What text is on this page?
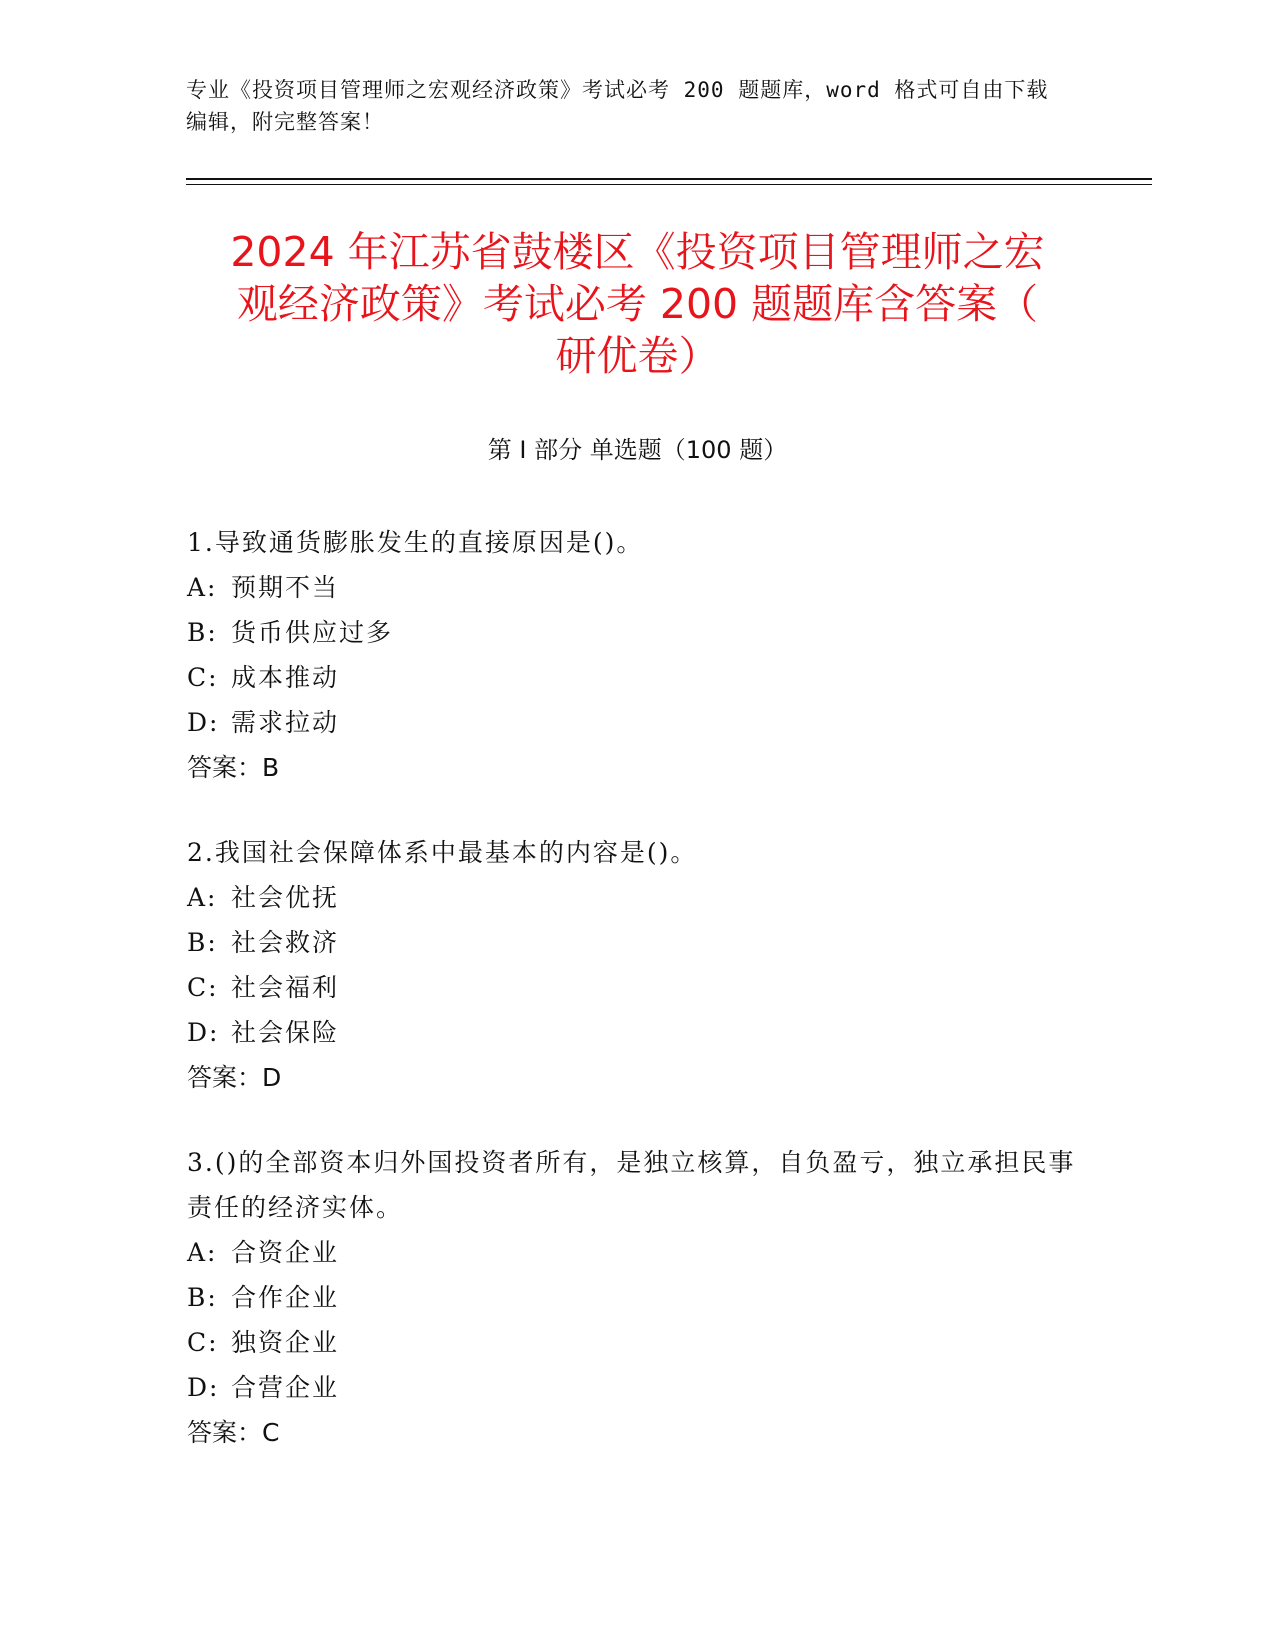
专业《投资项目管理师之宏观经济政策》考试必考 200 题题库，word 格式可自由下载编辑，附完整答案！
2024 年江苏省鼓楼区《投资项目管理师之宏
观经济政策》考试必考 200 题题库含答案（
研优卷）
第 I 部分 单选题（100 题）

1.导致通货膨胀发生的直接原因是()。

A: 预期不当

B: 货币供应过多

C: 成本推动

D: 需求拉动

答案：B

2.我国社会保障体系中最基本的内容是()。

A: 社会优抚

B: 社会救济

C: 社会福利

D: 社会保险

答案：D

3.()的全部资本归外国投资者所有，是独立核算，自负盈亏，独立承担民事责任的经济实体。

A: 合资企业

B: 合作企业

C: 独资企业

D: 合营企业

答案：C
